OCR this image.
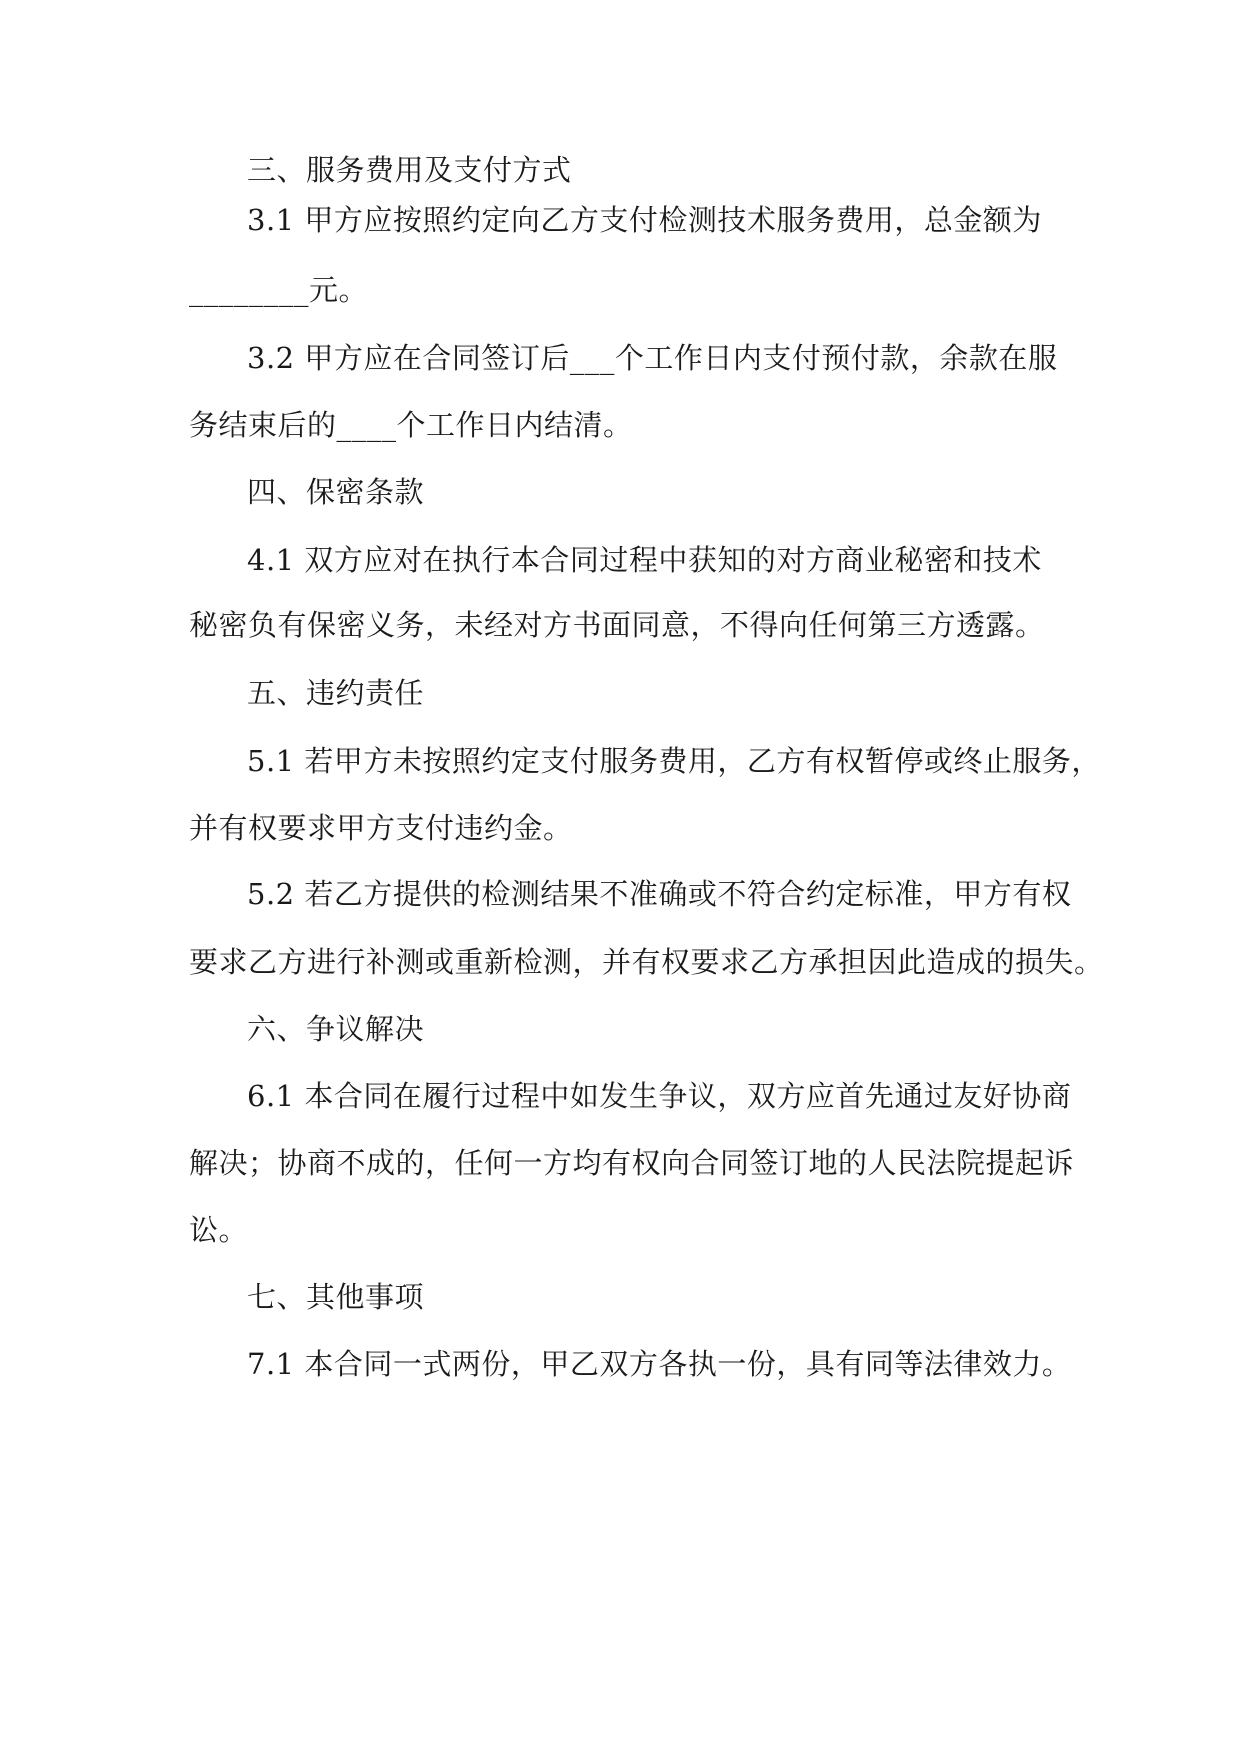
三、服务费用及支付方式
3.1 甲方应按照约定向乙方支付检测技术服务费用，总金额为
________元。
3.2 甲方应在合同签订后___个工作日内支付预付款，余款在服
务结束后的____个工作日内结清。
四、保密条款
4.1 双方应对在执行本合同过程中获知的对方商业秘密和技术
秘密负有保密义务，未经对方书面同意，不得向任何第三方透露。
五、违约责任
5.1 若甲方未按照约定支付服务费用，乙方有权暂停或终止服务，
并有权要求甲方支付违约金。
5.2 若乙方提供的检测结果不准确或不符合约定标准，甲方有权
要求乙方进行补测或重新检测，并有权要求乙方承担因此造成的损失。
六、争议解决
6.1 本合同在履行过程中如发生争议，双方应首先通过友好协商
解决；协商不成的，任何一方均有权向合同签订地的人民法院提起诉
讼。
七、其他事项
7.1 本合同一式两份，甲乙双方各执一份，具有同等法律效力。
